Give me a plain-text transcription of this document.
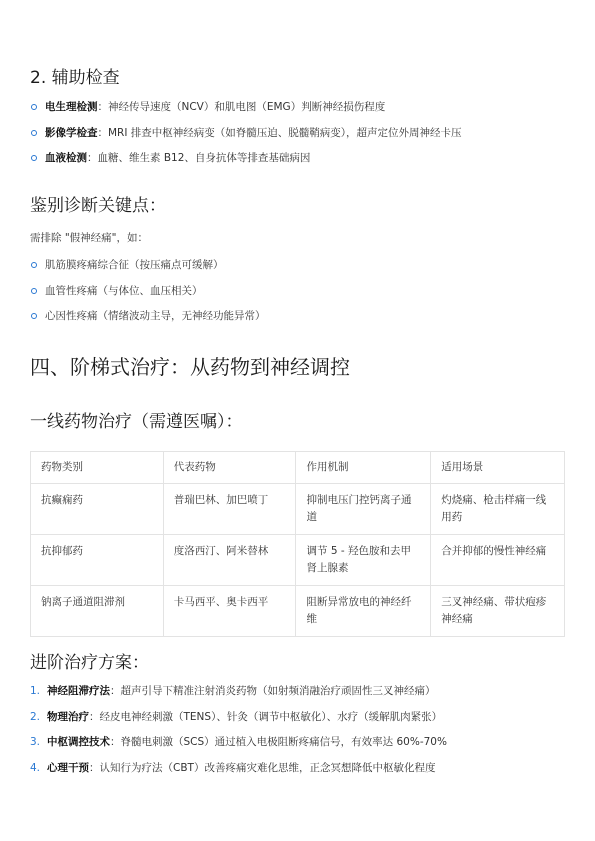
2. 辅助检查
电生理检测：神经传导速度（NCV）和肌电图（EMG）判断神经损伤程度
影像学检查：MRI 排查中枢神经病变（如脊髓压迫、脱髓鞘病变），超声定位外周神经卡压
血液检测：血糖、维生素 B12、自身抗体等排查基础病因
鉴别诊断关键点：
需排除 "假神经痛"，如：
肌筋膜疼痛综合征（按压痛点可缓解）
血管性疼痛（与体位、血压相关）
心因性疼痛（情绪波动主导，无神经功能异常）
四、阶梯式治疗：从药物到神经调控
一线药物治疗（需遵医嘱）：
药物类别	代表药物	作用机制	适用场景
抗癫痫药	普瑞巴林、加巴喷丁	抑制电压门控钙离子通道	灼烧痛、枪击样痛一线用药
抗抑郁药	度洛西汀、阿米替林	调节 5 - 羟色胺和去甲肾上腺素	合并抑郁的慢性神经痛
钠离子通道阻滞剂	卡马西平、奥卡西平	阻断异常放电的神经纤维	三叉神经痛、带状疱疹神经痛
进阶治疗方案：
1. 神经阻滞疗法：超声引导下精准注射消炎药物（如射频消融治疗顽固性三叉神经痛）
2. 物理治疗：经皮电神经刺激（TENS）、针灸（调节中枢敏化）、水疗（缓解肌肉紧张）
3. 中枢调控技术：脊髓电刺激（SCS）通过植入电极阻断疼痛信号，有效率达 60%-70%
4. 心理干预：认知行为疗法（CBT）改善疼痛灾难化思维，正念冥想降低中枢敏化程度
